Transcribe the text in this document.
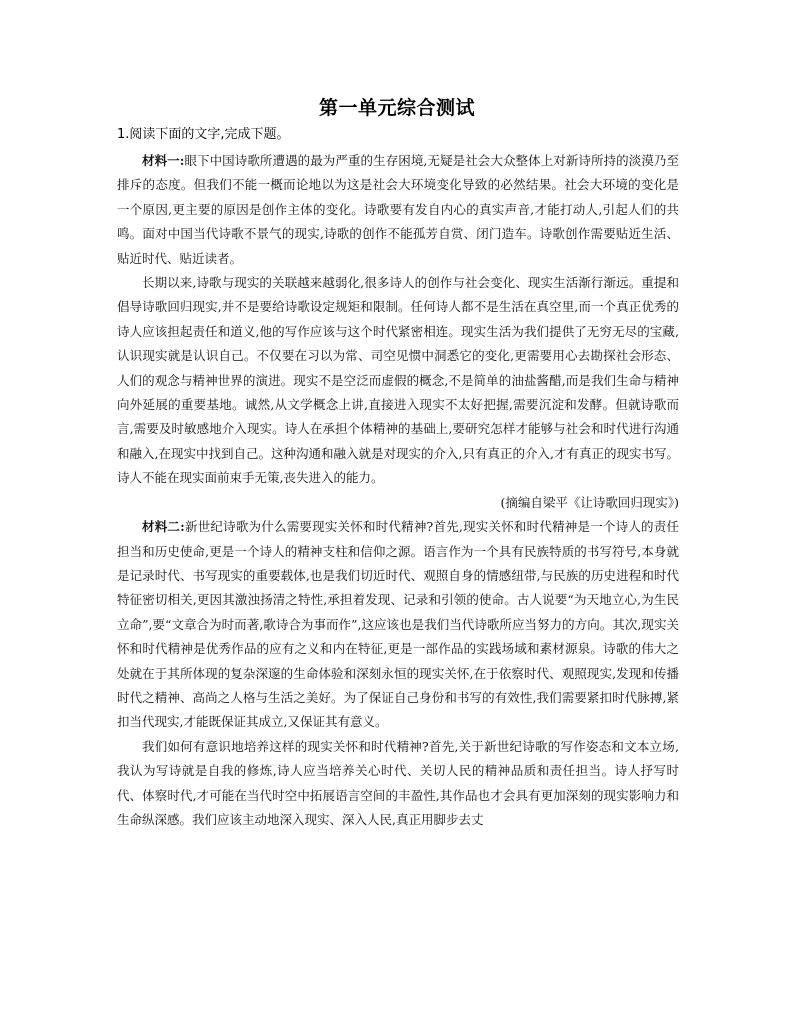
第一单元综合测试
1.阅读下面的文字,完成下题。

材料一:眼下中国诗歌所遭遇的最为严重的生存困境,无疑是社会大众整体上对新诗所持的淡漠乃至排斥的态度。但我们不能一概而论地以为这是社会大环境变化导致的必然结果。社会大环境的变化是一个原因,更主要的原因是创作主体的变化。诗歌要有发自内心的真实声音,才能打动人,引起人们的共鸣。面对中国当代诗歌不景气的现实,诗歌的创作不能孤芳自赏、闭门造车。诗歌创作需要贴近生活、贴近时代、贴近读者。

长期以来,诗歌与现实的关联越来越弱化,很多诗人的创作与社会变化、现实生活渐行渐远。重提和倡导诗歌回归现实,并不是要给诗歌设定规矩和限制。任何诗人都不是生活在真空里,而一个真正优秀的诗人应该担起责任和道义,他的写作应该与这个时代紧密相连。现实生活为我们提供了无穷无尽的宝藏,认识现实就是认识自己。不仅要在习以为常、司空见惯中洞悉它的变化,更需要用心去勘探社会形态、人们的观念与精神世界的演进。现实不是空泛而虚假的概念,不是简单的油盐酱醋,而是我们生命与精神向外延展的重要基地。诚然,从文学概念上讲,直接进入现实不太好把握,需要沉淀和发酵。但就诗歌而言,需要及时敏感地介入现实。诗人在承担个体精神的基础上,要研究怎样才能够与社会和时代进行沟通和融入,在现实中找到自己。这种沟通和融入就是对现实的介入,只有真正的介入,才有真正的现实书写。诗人不能在现实面前束手无策,丧失进入的能力。

(摘编自梁平《让诗歌回归现实》)

材料二:新世纪诗歌为什么需要现实关怀和时代精神?首先,现实关怀和时代精神是一个诗人的责任担当和历史使命,更是一个诗人的精神支柱和信仰之源。语言作为一个具有民族特质的书写符号,本身就是记录时代、书写现实的重要载体,也是我们切近时代、观照自身的情感纽带,与民族的历史进程和时代特征密切相关,更因其激浊扬清之特性,承担着发现、记录和引领的使命。古人说要“为天地立心,为生民立命”,要“文章合为时而著,歌诗合为事而作”,这应该也是我们当代诗歌所应当努力的方向。其次,现实关怀和时代精神是优秀作品的应有之义和内在特征,更是一部作品的实践场域和素材源泉。诗歌的伟大之处就在于其所体现的复杂深邃的生命体验和深刻永恒的现实关怀,在于依察时代、观照现实,发现和传播时代之精神、高尚之人格与生活之美好。为了保证自己身份和书写的有效性,我们需要紧扣时代脉搏,紧扣当代现实,才能既保证其成立,又保证其有意义。

我们如何有意识地培养这样的现实关怀和时代精神?首先,关于新世纪诗歌的写作姿态和文本立场,我认为写诗就是自我的修炼,诗人应当培养关心时代、关切人民的精神品质和责任担当。诗人抒写时代、体察时代,才可能在当代时空中拓展语言空间的丰盈性,其作品也才会具有更加深刻的现实影响力和生命纵深感。我们应该主动地深入现实、深入人民,真正用脚步去丈
